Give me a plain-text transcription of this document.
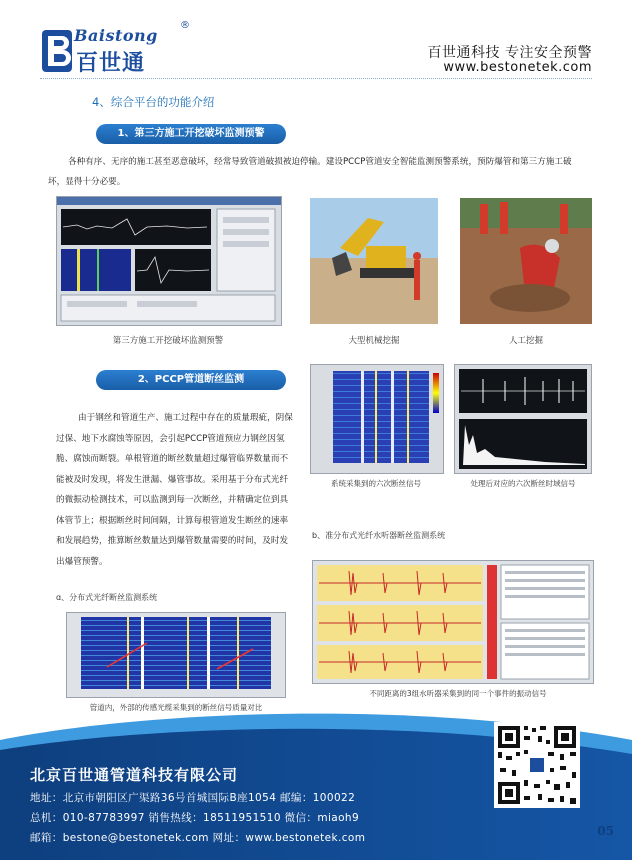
Baistong
®
百世通	百世通科技 专注安全预警
www.bestonetek.com
4、综合平台的功能介绍
1、第三方施工开挖破坏监测预警
各种有序、无序的施工甚至恶意破坏，经常导致管道破损被迫停输。建设PCCP管道安全智能监测预警系统，预防爆管和第三方施工破坏，显得十分必要。
第三方施工开挖破坏监测预警	大型机械挖掘	人工挖掘
2、PCCP管道断丝监测
由于钢丝和管道生产、施工过程中存在的质量瑕疵，阴保过保、地下水腐蚀等原因，会引起PCCP管道预应力钢丝因氢脆、腐蚀而断裂。单根管道的断丝数量超过爆管临界数量而不能被及时发现，将发生泄漏、爆管事故。采用基于分布式光纤的微振动检测技术，可以监测到每一次断丝，并精确定位到具体管节上；根据断丝时间间隔，计算每根管道发生断丝的速率和发展趋势，推算断丝数量达到爆管数量需要的时间，及时发出爆管预警。
系统采集到的六次断丝信号	处理后对应的六次断丝时域信号
b、准分布式光纤水听器断丝监测系统
ɑ、分布式光纤断丝监测系统
管道内，外部的传感光缆采集到的断丝信号质量对比
不同距离的3组水听器采集到的同一个事件的振动信号
北京百世通管道科技有限公司
地址：北京市朝阳区广渠路36号首城国际B座1054 邮编：100022
总机：010-87783997 销售热线：18511951510 微信：miaoh9
邮箱：bestone@bestonetek.com 网址：www.bestonetek.com	05
